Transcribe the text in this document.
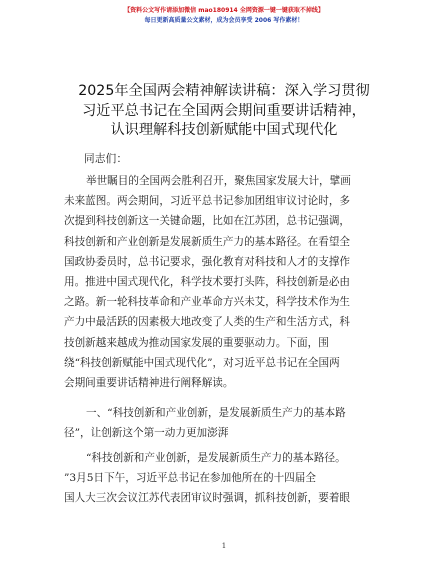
【资料公文写作请添加微信 mao180914 全网资源一键一键获取不掉线】
每日更新高质量公文素材，成为会员享受 2006 写作素材！
2025年全国两会精神解读讲稿：深入学习贯彻
习近平总书记在全国两会期间重要讲话精神，
认识理解科技创新赋能中国式现代化
同志们：
举世瞩目的全国两会胜利召开，聚焦国家发展大计，擘画
未来蓝图。两会期间，习近平总书记参加团组审议讨论时，多
次提到科技创新这一关键命题，比如在江苏团，总书记强调，
科技创新和产业创新是发展新质生产力的基本路径。在看望全
国政协委员时，总书记要求，强化教育对科技和人才的支撑作
用。推进中国式现代化，科学技术要打头阵，科技创新是必由
之路。新一轮科技革命和产业革命方兴未艾，科学技术作为生
产力中最活跃的因素极大地改变了人类的生产和生活方式，科
技创新越来越成为推动国家发展的重要驱动力。下面，围
绕“科技创新赋能中国式现代化”，对习近平总书记在全国两
会期间重要讲话精神进行阐释解读。
一、“科技创新和产业创新，是发展新质生产力的基本路
径”，让创新这个第一动力更加澎湃
“科技创新和产业创新，是发展新质生产力的基本路径。
”3月5日下午，习近平总书记在参加他所在的十四届全
国人大三次会议江苏代表团审议时强调，抓科技创新，要着眼
1
